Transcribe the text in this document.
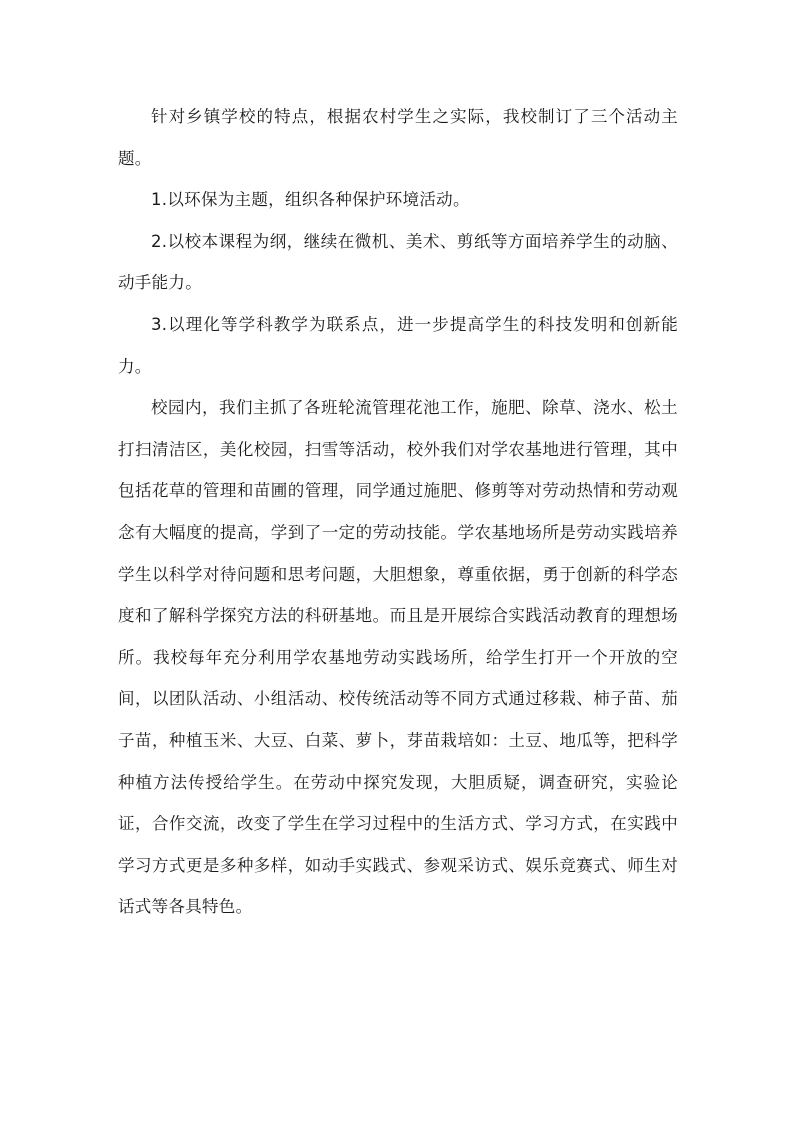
针对乡镇学校的特点，根据农村学生之实际，我校制订了三个活动主题。

1.以环保为主题，组织各种保护环境活动。

2.以校本课程为纲，继续在微机、美术、剪纸等方面培养学生的动脑、动手能力。

3.以理化等学科教学为联系点，进一步提高学生的科技发明和创新能力。

校园内，我们主抓了各班轮流管理花池工作，施肥、除草、浇水、松土打扫清洁区，美化校园，扫雪等活动，校外我们对学农基地进行管理，其中包括花草的管理和苗圃的管理，同学通过施肥、修剪等对劳动热情和劳动观念有大幅度的提高，学到了一定的劳动技能。学农基地场所是劳动实践培养学生以科学对待问题和思考问题，大胆想象，尊重依据，勇于创新的科学态度和了解科学探究方法的科研基地。而且是开展综合实践活动教育的理想场所。我校每年充分利用学农基地劳动实践场所，给学生打开一个开放的空间，以团队活动、小组活动、校传统活动等不同方式通过移栽、柿子苗、茄子苗，种植玉米、大豆、白菜、萝卜，芽苗栽培如：土豆、地瓜等，把科学种植方法传授给学生。在劳动中探究发现，大胆质疑，调查研究，实验论证，合作交流，改变了学生在学习过程中的生活方式、学习方式，在实践中学习方式更是多种多样，如动手实践式、参观采访式、娱乐竞赛式、师生对话式等各具特色。
